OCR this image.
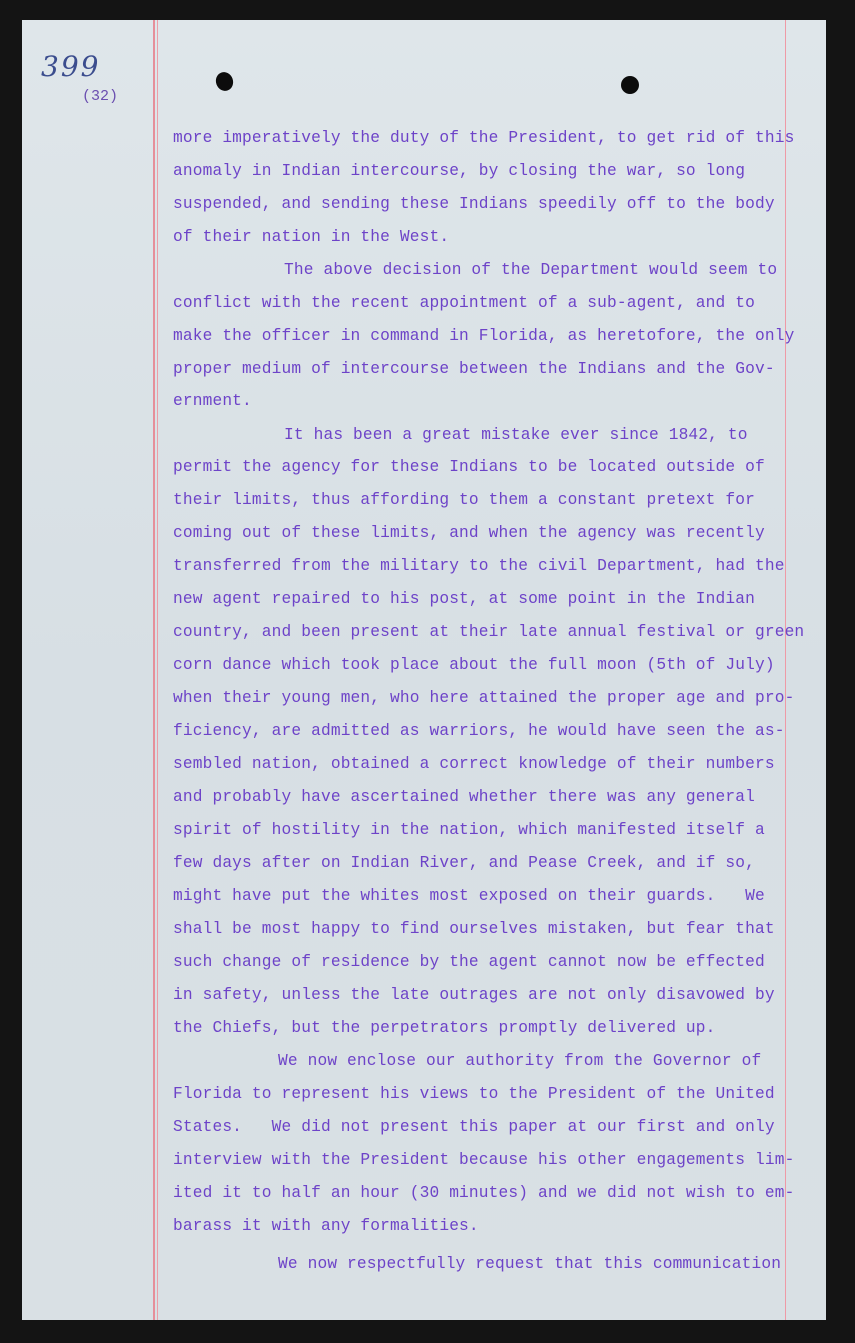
399
(32)
more imperatively the duty of the President, to get rid of this
anomaly in Indian intercourse, by closing the war, so long
suspended, and sending these Indians speedily off to the body
of their nation in the West.
The above decision of the Department would seem to
conflict with the recent appointment of a sub-agent, and to
make the officer in command in Florida, as heretofore, the only
proper medium of intercourse between the Indians and the Gov-
ernment.
It has been a great mistake ever since 1842, to
permit the agency for these Indians to be located outside of
their limits, thus affording to them a constant pretext for
coming out of these limits, and when the agency was recently
transferred from the military to the civil Department, had the
new agent repaired to his post, at some point in the Indian
country, and been present at their late annual festival or green
corn dance which took place about the full moon (5th of July)
when their young men, who here attained the proper age and pro-
ficiency, are admitted as warriors, he would have seen the as-
sembled nation, obtained a correct knowledge of their numbers
and probably have ascertained whether there was any general
spirit of hostility in the nation, which manifested itself a
few days after on Indian River, and Pease Creek, and if so,
might have put the whites most exposed on their guards.   We
shall be most happy to find ourselves mistaken, but fear that
such change of residence by the agent cannot now be effected
in safety, unless the late outrages are not only disavowed by
the Chiefs, but the perpetrators promptly delivered up.
We now enclose our authority from the Governor of
Florida to represent his views to the President of the United
States.   We did not present this paper at our first and only
interview with the President because his other engagements lim-
ited it to half an hour (30 minutes) and we did not wish to em-
barass it with any formalities.
We now respectfully request that this communication
